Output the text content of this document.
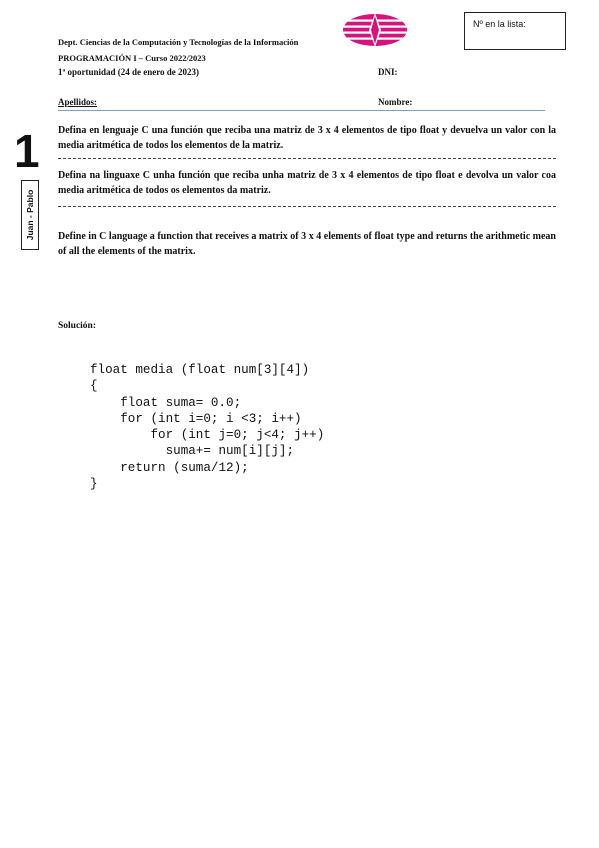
Dept. Ciencias de la Computación y Tecnologías de la Información
PROGRAMACIÓN I – Curso 2022/2023
1ª oportunidad (24 de enero de 2023)	DNI:
Nº en la lista:
Apellidos:	Nombre:
1
Juan - Pablo
Defina en lenguaje C una función que reciba una matriz de 3 x 4 elementos de tipo float y devuelva un valor con la media aritmética de todos los elementos de la matriz.
Defina na linguaxe C unha función que reciba unha matriz de 3 x 4 elementos de tipo float e devolva un valor coa media aritmética de todos os elementos da matriz.
Define in C language a function that receives a matrix of 3 x 4 elements of float type and returns the arithmetic mean of all the elements of the matrix.
Solución:
float media (float num[3][4])
{
float suma= 0.0;
for (int i=0; i <3; i++)
for (int j=0; j<4; j++)
suma+= num[i][j];
return (suma/12);
}
